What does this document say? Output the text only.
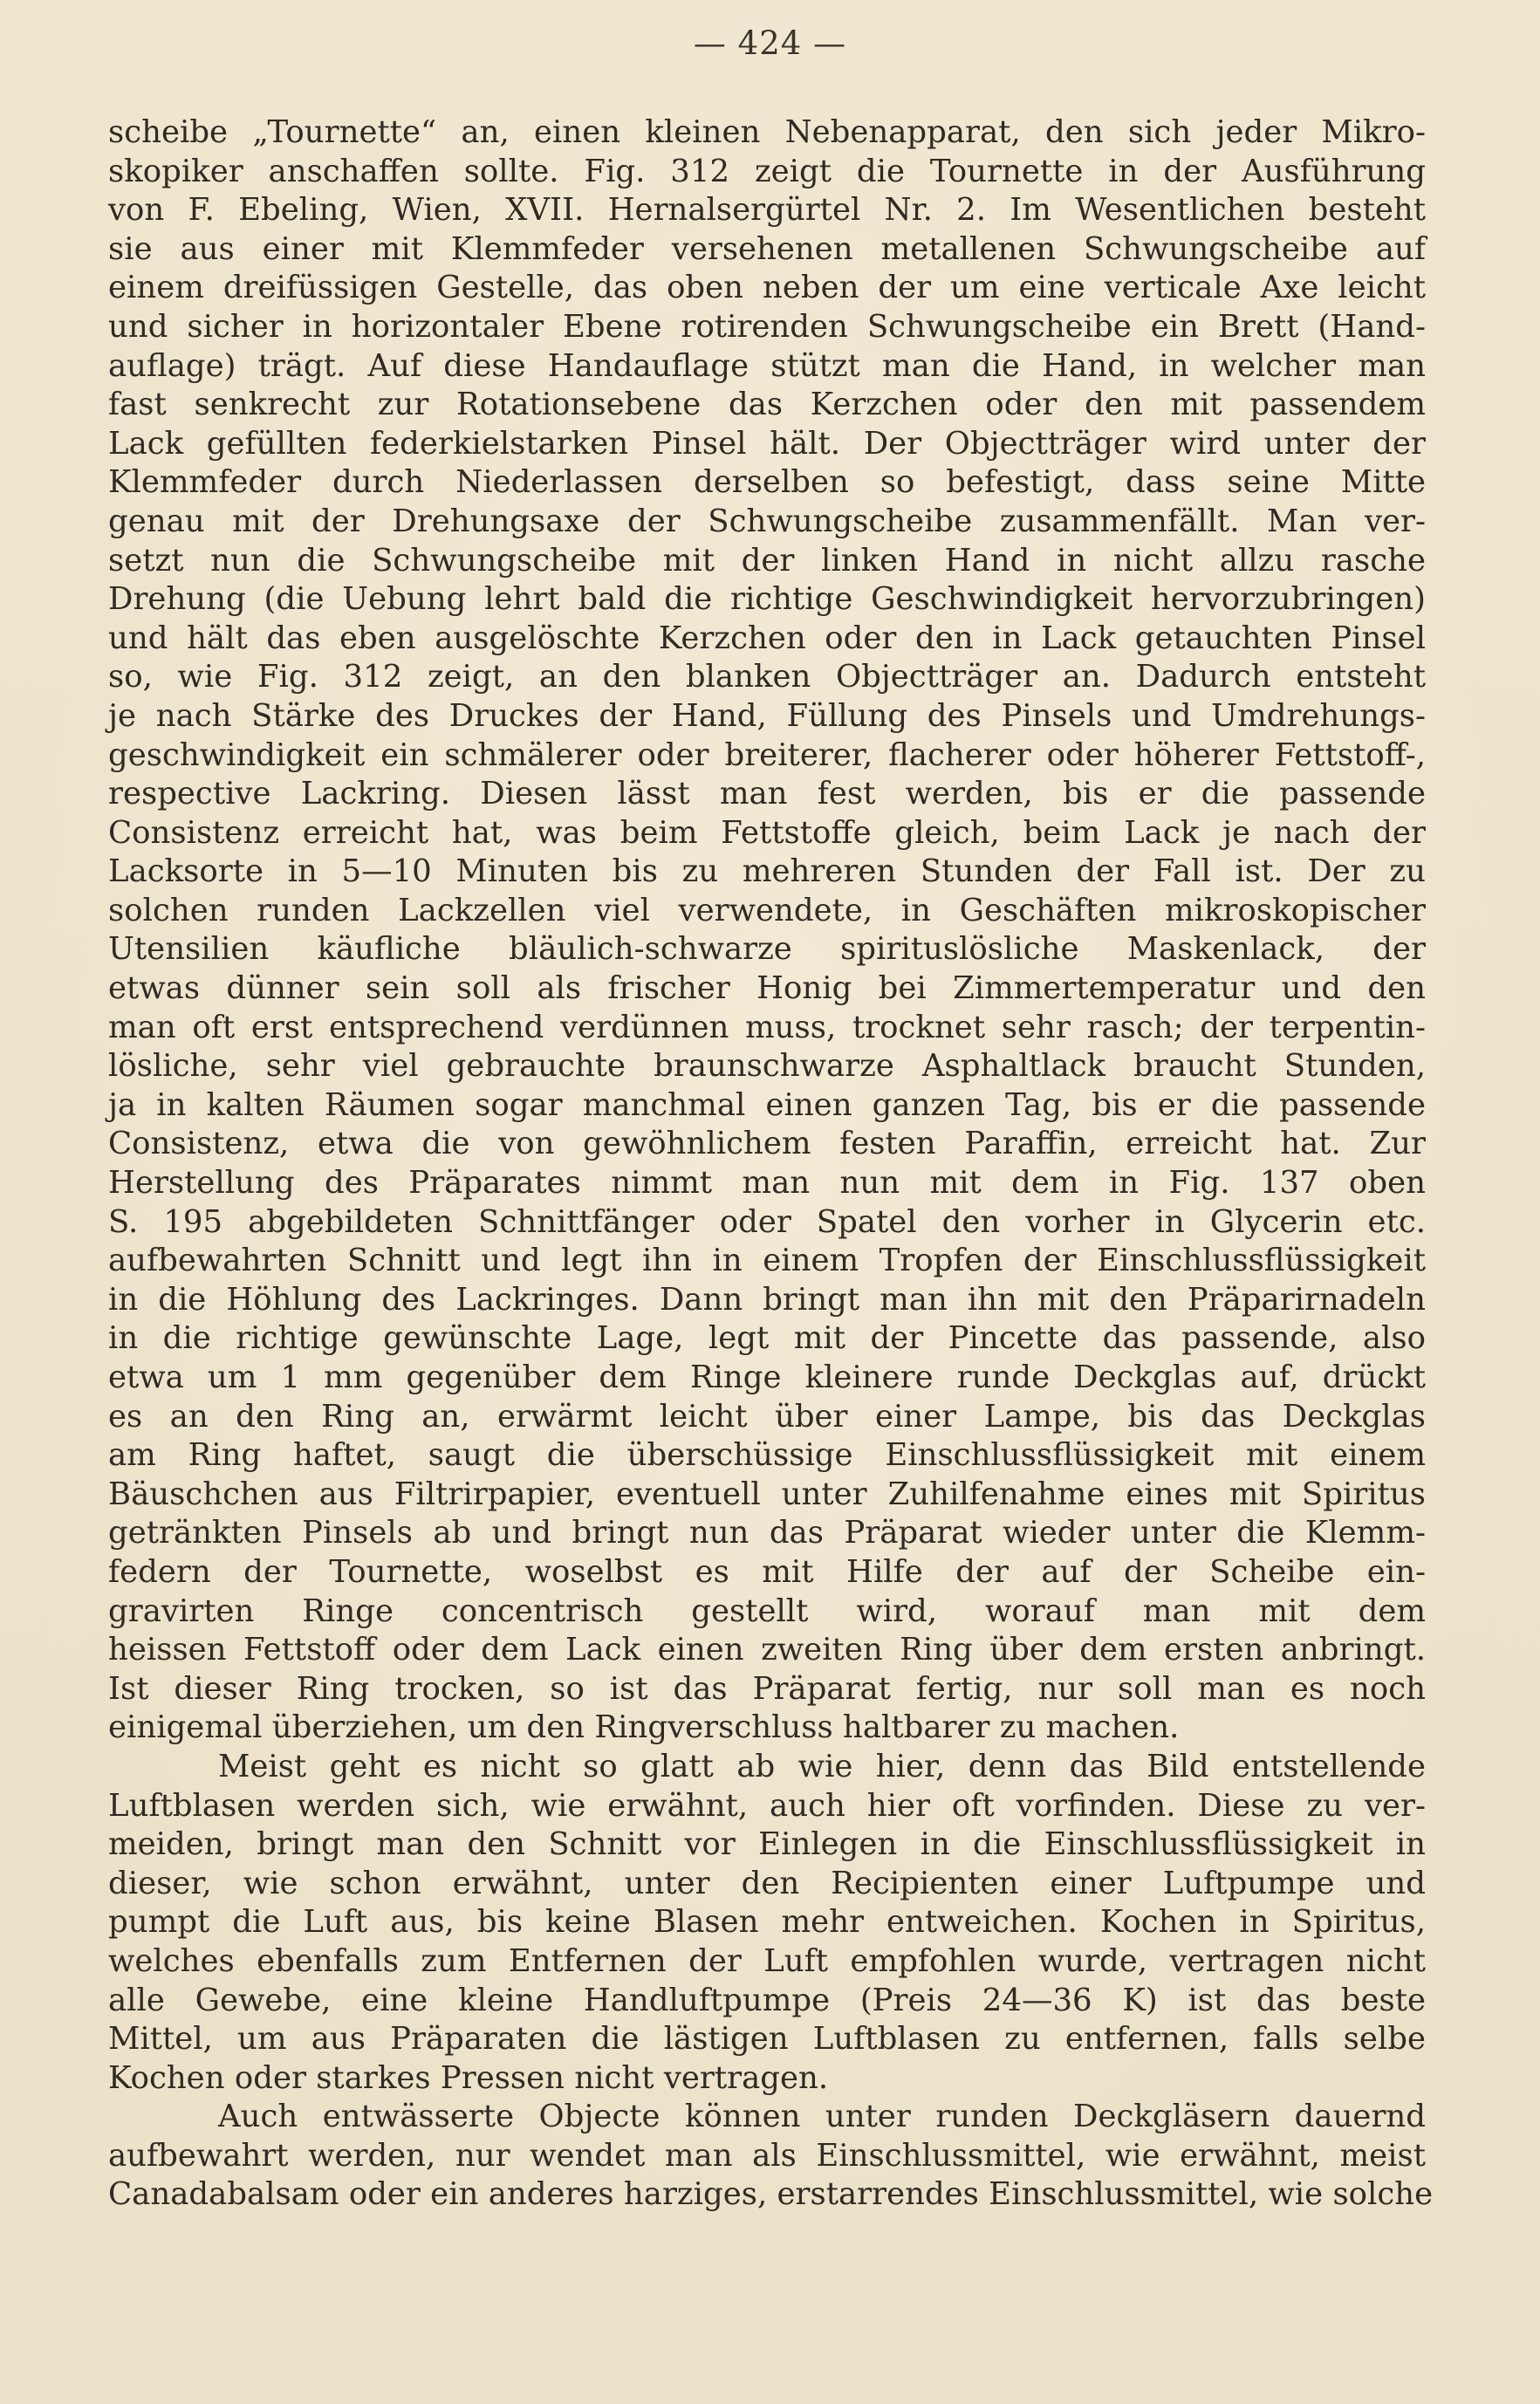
— 424 —
scheibe „Tournette“ an, einen kleinen Nebenapparat, den sich jeder Mikro-
skopiker anschaffen sollte. Fig. 312 zeigt die Tournette in der Ausführung
von F. Ebeling, Wien, XVII. Hernalsergürtel Nr. 2. Im Wesentlichen besteht
sie aus einer mit Klemmfeder versehenen metallenen Schwungscheibe auf
einem dreifüssigen Gestelle, das oben neben der um eine verticale Axe leicht
und sicher in horizontaler Ebene rotirenden Schwungscheibe ein Brett (Hand-
auflage) trägt. Auf diese Handauflage stützt man die Hand, in welcher man
fast senkrecht zur Rotationsebene das Kerzchen oder den mit passendem
Lack gefüllten federkielstarken Pinsel hält. Der Objectträger wird unter der
Klemmfeder durch Niederlassen derselben so befestigt, dass seine Mitte
genau mit der Drehungsaxe der Schwungscheibe zusammenfällt. Man ver-
setzt nun die Schwungscheibe mit der linken Hand in nicht allzu rasche
Drehung (die Uebung lehrt bald die richtige Geschwindigkeit hervorzubringen)
und hält das eben ausgelöschte Kerzchen oder den in Lack getauchten Pinsel
so, wie Fig. 312 zeigt, an den blanken Objectträger an. Dadurch entsteht
je nach Stärke des Druckes der Hand, Füllung des Pinsels und Umdrehungs-
geschwindigkeit ein schmälerer oder breiterer, flacherer oder höherer Fettstoff-,
respective Lackring. Diesen lässt man fest werden, bis er die passende
Consistenz erreicht hat, was beim Fettstoffe gleich, beim Lack je nach der
Lacksorte in 5—10 Minuten bis zu mehreren Stunden der Fall ist. Der zu
solchen runden Lackzellen viel verwendete, in Geschäften mikroskopischer
Utensilien käufliche bläulich-schwarze spirituslösliche Maskenlack, der
etwas dünner sein soll als frischer Honig bei Zimmertemperatur und den
man oft erst entsprechend verdünnen muss, trocknet sehr rasch; der terpentin-
lösliche, sehr viel gebrauchte braunschwarze Asphaltlack braucht Stunden,
ja in kalten Räumen sogar manchmal einen ganzen Tag, bis er die passende
Consistenz, etwa die von gewöhnlichem festen Paraffin, erreicht hat. Zur
Herstellung des Präparates nimmt man nun mit dem in Fig. 137 oben
S. 195 abgebildeten Schnittfänger oder Spatel den vorher in Glycerin etc.
aufbewahrten Schnitt und legt ihn in einem Tropfen der Einschlussflüssigkeit
in die Höhlung des Lackringes. Dann bringt man ihn mit den Präparirnadeln
in die richtige gewünschte Lage, legt mit der Pincette das passende, also
etwa um 1 mm gegenüber dem Ringe kleinere runde Deckglas auf, drückt
es an den Ring an, erwärmt leicht über einer Lampe, bis das Deckglas
am Ring haftet, saugt die überschüssige Einschlussflüssigkeit mit einem
Bäuschchen aus Filtrirpapier, eventuell unter Zuhilfenahme eines mit Spiritus
getränkten Pinsels ab und bringt nun das Präparat wieder unter die Klemm-
federn der Tournette, woselbst es mit Hilfe der auf der Scheibe ein-
gravirten Ringe concentrisch gestellt wird, worauf man mit dem
heissen Fettstoff oder dem Lack einen zweiten Ring über dem ersten anbringt.
Ist dieser Ring trocken, so ist das Präparat fertig, nur soll man es noch
einigemal überziehen, um den Ringverschluss haltbarer zu machen.
Meist geht es nicht so glatt ab wie hier, denn das Bild entstellende
Luftblasen werden sich, wie erwähnt, auch hier oft vorfinden. Diese zu ver-
meiden, bringt man den Schnitt vor Einlegen in die Einschlussflüssigkeit in
dieser, wie schon erwähnt, unter den Recipienten einer Luftpumpe und
pumpt die Luft aus, bis keine Blasen mehr entweichen. Kochen in Spiritus,
welches ebenfalls zum Entfernen der Luft empfohlen wurde, vertragen nicht
alle Gewebe, eine kleine Handluftpumpe (Preis 24—36 K) ist das beste
Mittel, um aus Präparaten die lästigen Luftblasen zu entfernen, falls selbe
Kochen oder starkes Pressen nicht vertragen.
Auch entwässerte Objecte können unter runden Deckgläsern dauernd
aufbewahrt werden, nur wendet man als Einschlussmittel, wie erwähnt, meist
Canadabalsam oder ein anderes harziges, erstarrendes Einschlussmittel, wie solche
